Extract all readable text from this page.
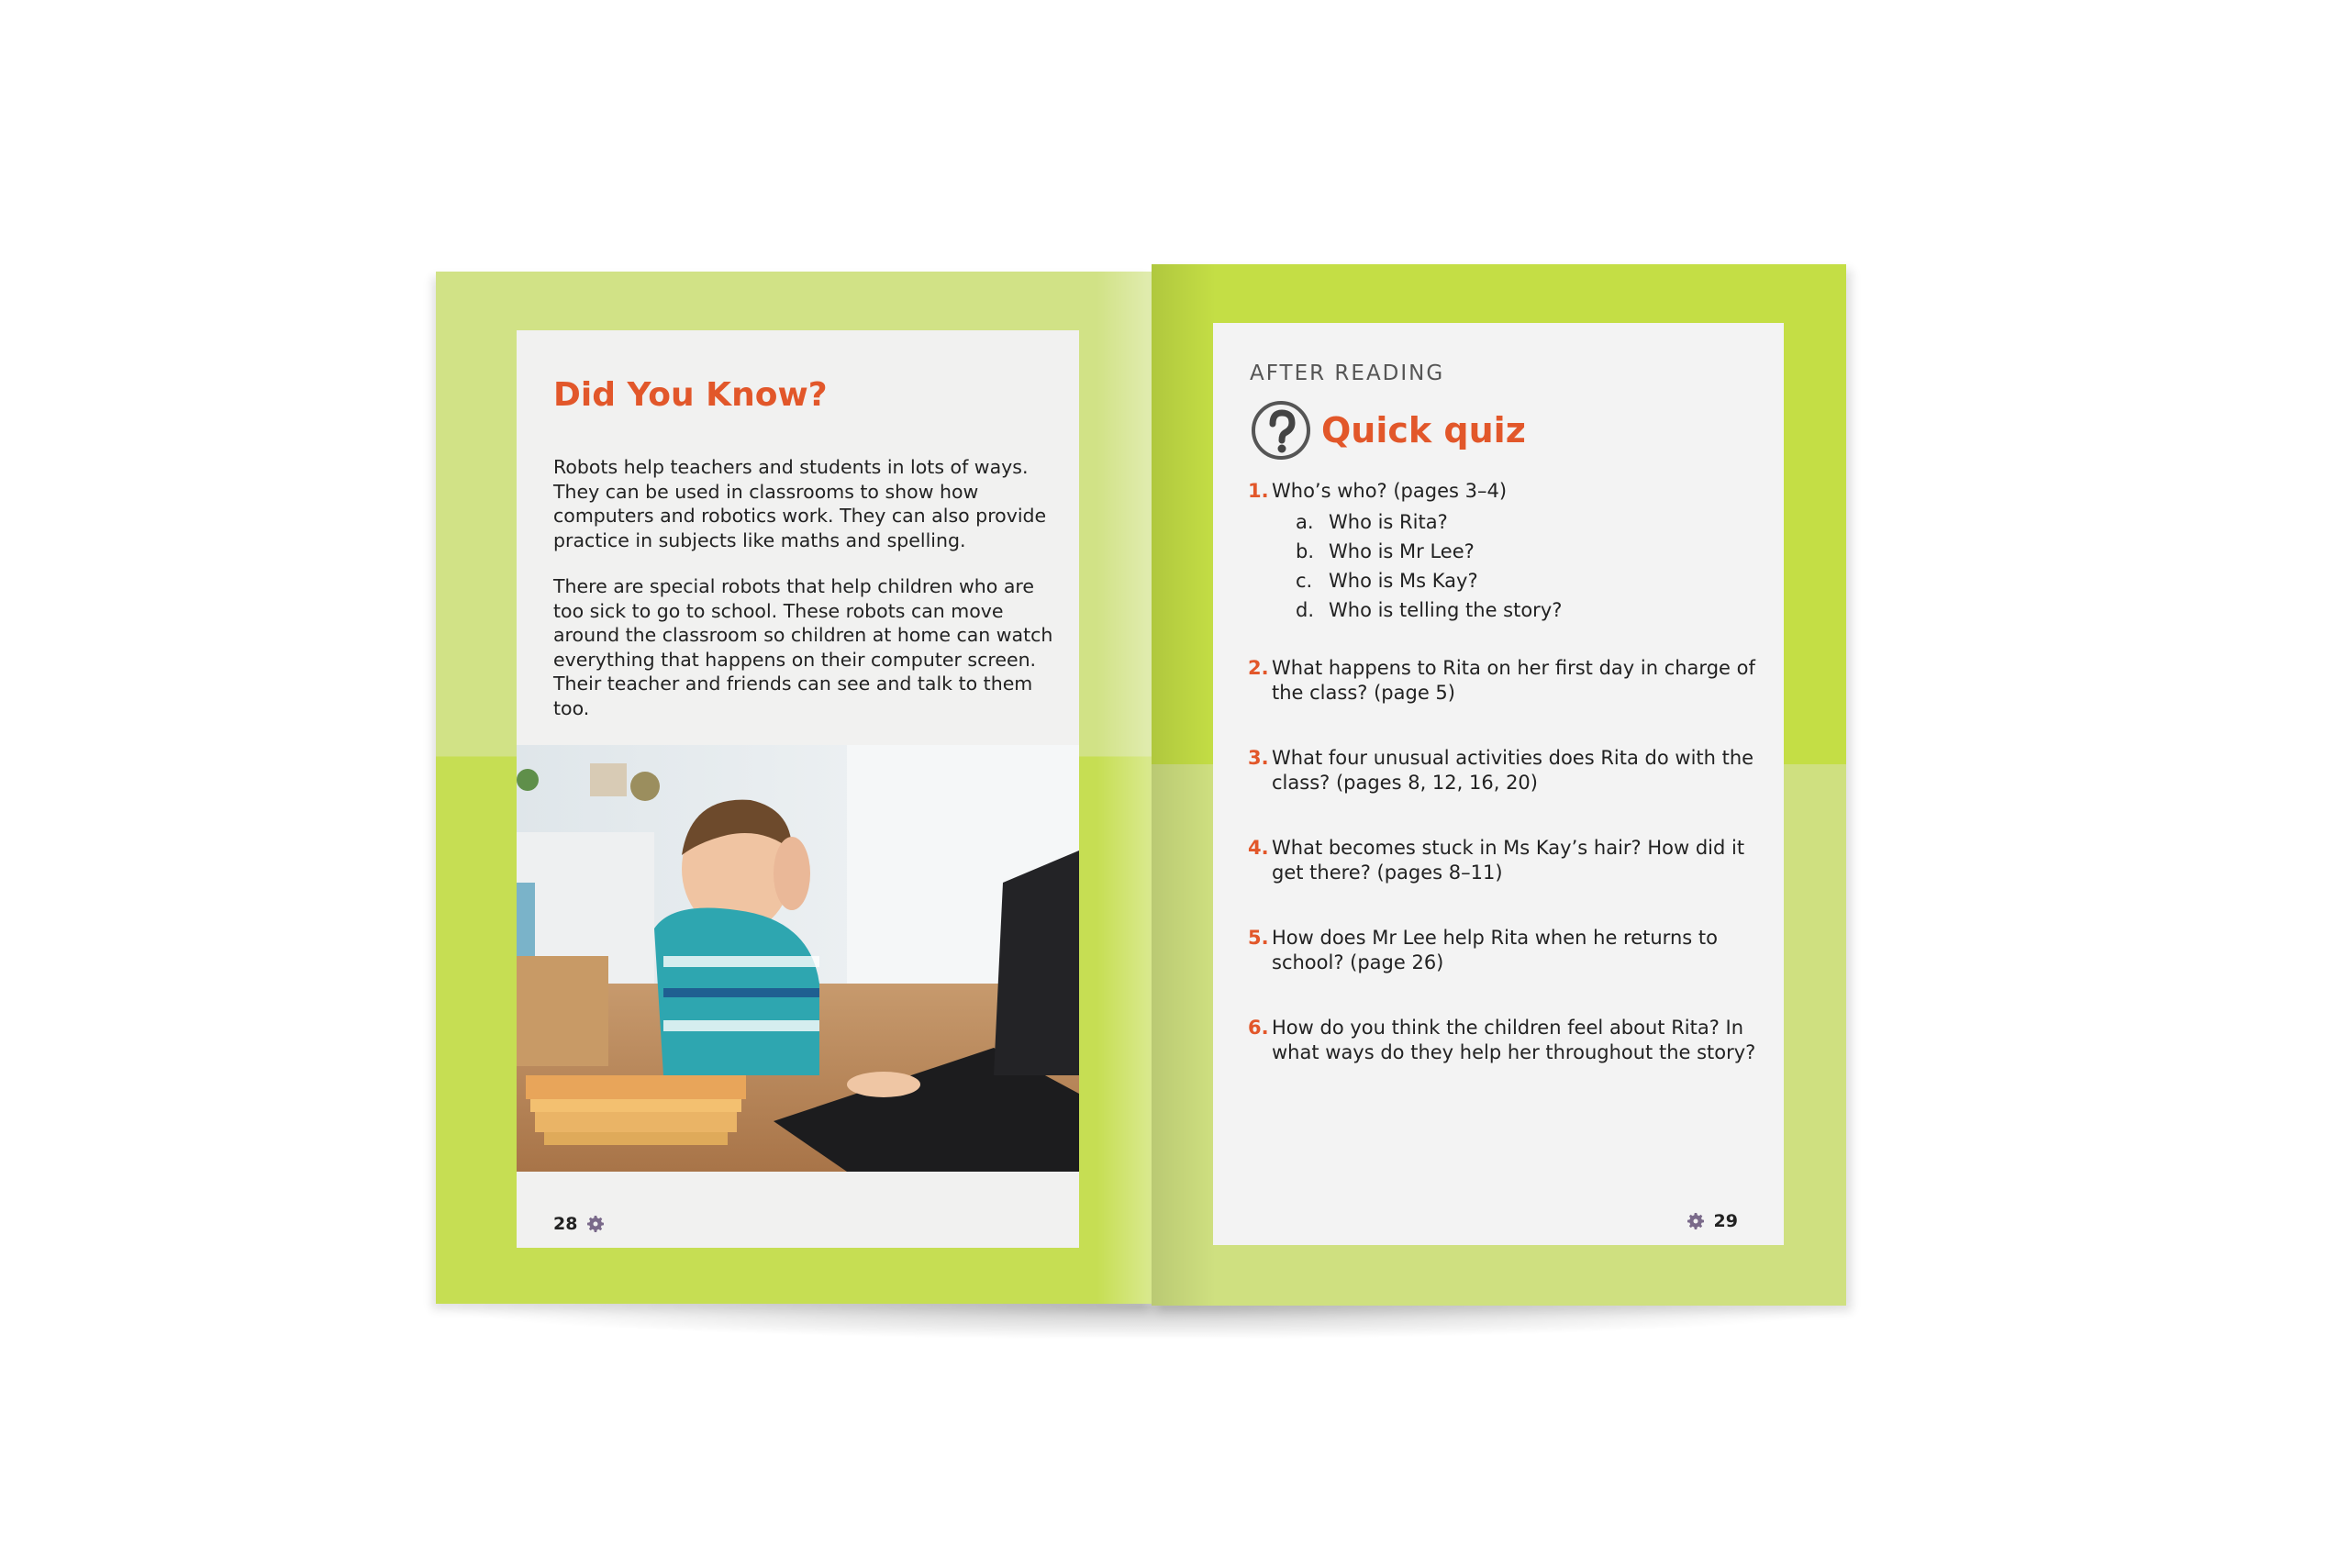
Did You Know?

Robots help teachers and students in lots of ways. They can be used in classrooms to show how computers and robotics work. They can also provide practice in subjects like maths and spelling.

There are special robots that help children who are too sick to go to school. These robots can move around the classroom so children at home can watch everything that happens on their computer screen. Their teacher and friends can see and talk to them too.

28
AFTER READING
Quick quiz
1. Who’s who? (pages 3–4)
a. Who is Rita?
b. Who is Mr Lee?
c. Who is Ms Kay?
d. Who is telling the story?
2. What happens to Rita on her first day in charge of the class? (page 5)
3. What four unusual activities does Rita do with the class? (pages 8, 12, 16, 20)
4. What becomes stuck in Ms Kay’s hair? How did it get there? (pages 8–11)
5. How does Mr Lee help Rita when he returns to school? (page 26)
6. How do you think the children feel about Rita? In what ways do they help her throughout the story?
29
